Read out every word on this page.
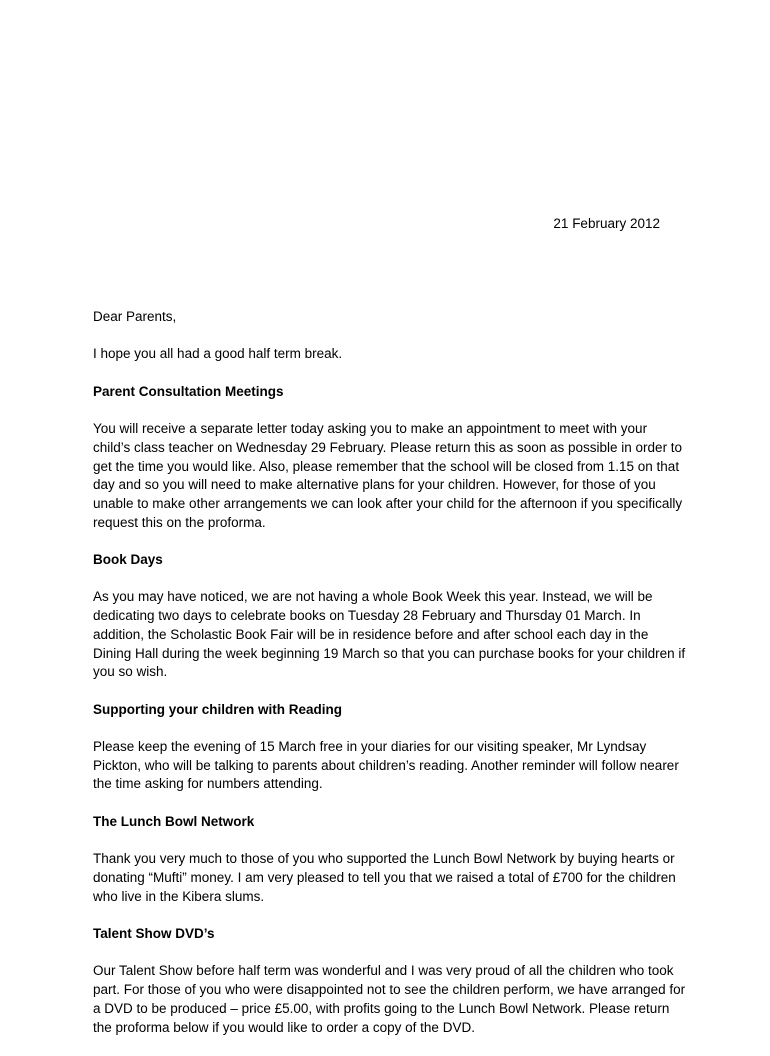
21 February 2012

Dear Parents,

I hope you all had a good half term break.

Parent Consultation Meetings

You will receive a separate letter today asking you to make an appointment to meet with your child’s class teacher on Wednesday 29 February. Please return this as soon as possible in order to get the time you would like. Also, please remember that the school will be closed from 1.15 on that day and so you will need to make alternative plans for your children. However, for those of you unable to make other arrangements we can look after your child for the afternoon if you specifically request this on the proforma.

Book Days

As you may have noticed, we are not having a whole Book Week this year. Instead, we will be dedicating two days to celebrate books on Tuesday 28 February and Thursday 01 March. In addition, the Scholastic Book Fair will be in residence before and after school each day in the Dining Hall during the week beginning 19 March so that you can purchase books for your children if you so wish.

Supporting your children with Reading

Please keep the evening of 15 March free in your diaries for our visiting speaker, Mr Lyndsay Pickton, who will be talking to parents about children’s reading. Another reminder will follow nearer the time asking for numbers attending.

The Lunch Bowl Network

Thank you very much to those of you who supported the Lunch Bowl Network by buying hearts or donating “Mufti” money. I am very pleased to tell you that we raised a total of £700 for the children who live in the Kibera slums.

Talent Show DVD’s

Our Talent Show before half term was wonderful and I was very proud of all the children who took part. For those of you who were disappointed not to see the children perform, we have arranged for a DVD to be produced – price £5.00, with profits going to the Lunch Bowl Network. Please return the proforma below if you would like to order a copy of the DVD.
